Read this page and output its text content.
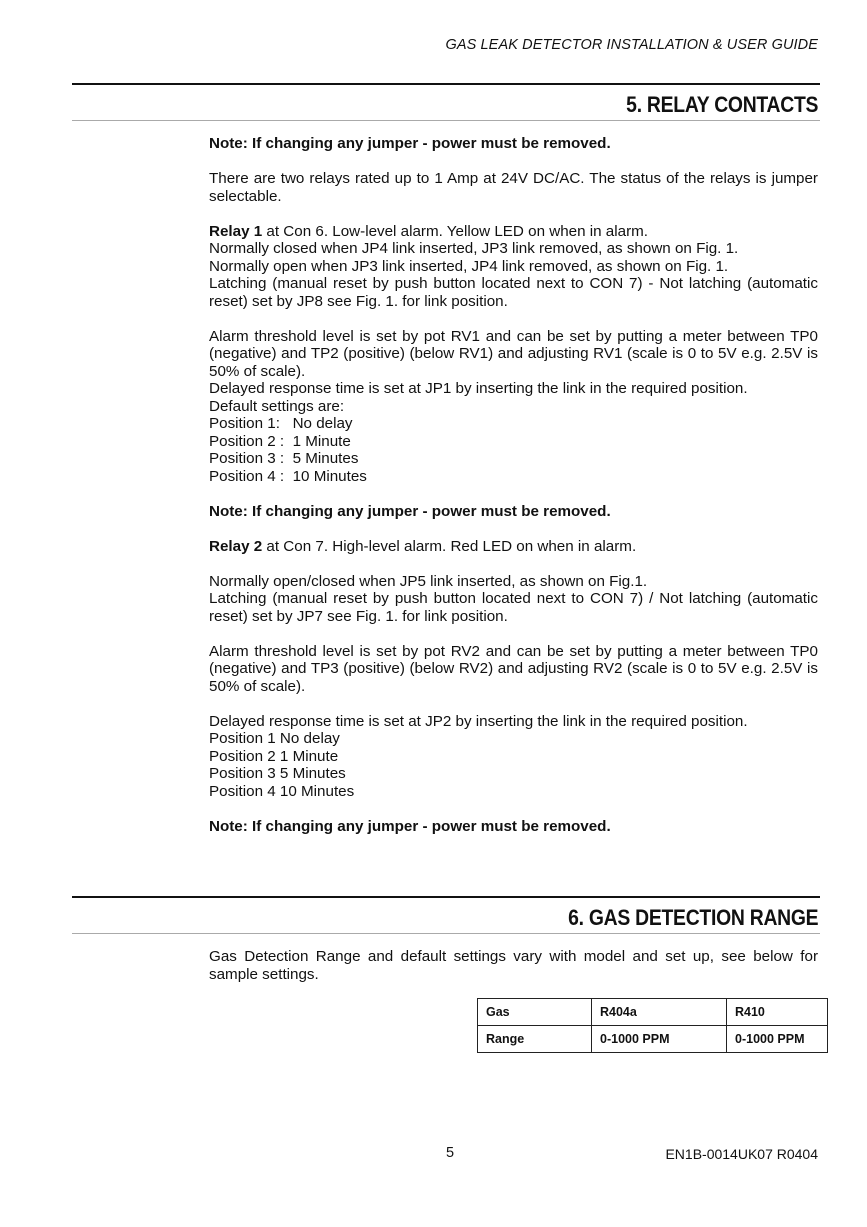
GAS LEAK DETECTOR INSTALLATION & USER GUIDE
5. RELAY CONTACTS

Note: If changing any jumper - power must be removed.

There are two relays rated up to 1 Amp at 24V DC/AC. The status of the relays is jumper selectable.

Relay 1 at Con 6. Low-level alarm. Yellow LED on when in alarm.
Normally closed when JP4 link inserted, JP3 link removed, as shown on Fig. 1.
Normally open when JP3 link inserted, JP4 link removed, as shown on Fig. 1.
Latching (manual reset by push button located next to CON 7) - Not latching (automatic reset) set by JP8 see Fig. 1. for link position.

Alarm threshold level is set by pot RV1 and can be set by putting a meter between TP0 (negative) and TP2 (positive) (below RV1) and adjusting RV1 (scale is 0 to 5V e.g. 2.5V is 50% of scale).
Delayed response time is set at JP1 by inserting the link in the required position.
Default settings are:
Position 1:   No delay
Position 2 :  1 Minute
Position 3 :  5 Minutes
Position 4 :  10 Minutes

Note: If changing any jumper - power must be removed.

Relay 2 at Con 7. High-level alarm. Red LED on when in alarm.

Normally open/closed when JP5 link inserted, as shown on Fig.1.
Latching (manual reset by push button located next to CON 7) / Not latching (automatic reset) set by JP7 see Fig. 1. for link position.

Alarm threshold level is set by pot RV2 and can be set by putting a meter between TP0 (negative) and TP3 (positive) (below RV2) and adjusting RV2 (scale is 0 to 5V e.g. 2.5V is 50% of scale).

Delayed response time is set at JP2 by inserting the link in the required position.
Position 1 No delay
Position 2 1 Minute
Position 3 5 Minutes
Position 4 10 Minutes

Note: If changing any jumper - power must be removed.

6. GAS DETECTION RANGE

Gas Detection Range and default settings vary with model and set up, see below for sample settings.

Gas	R404a	R410
Range	0-1000 PPM	0-1000 PPM
5	EN1B-0014UK07 R0404
